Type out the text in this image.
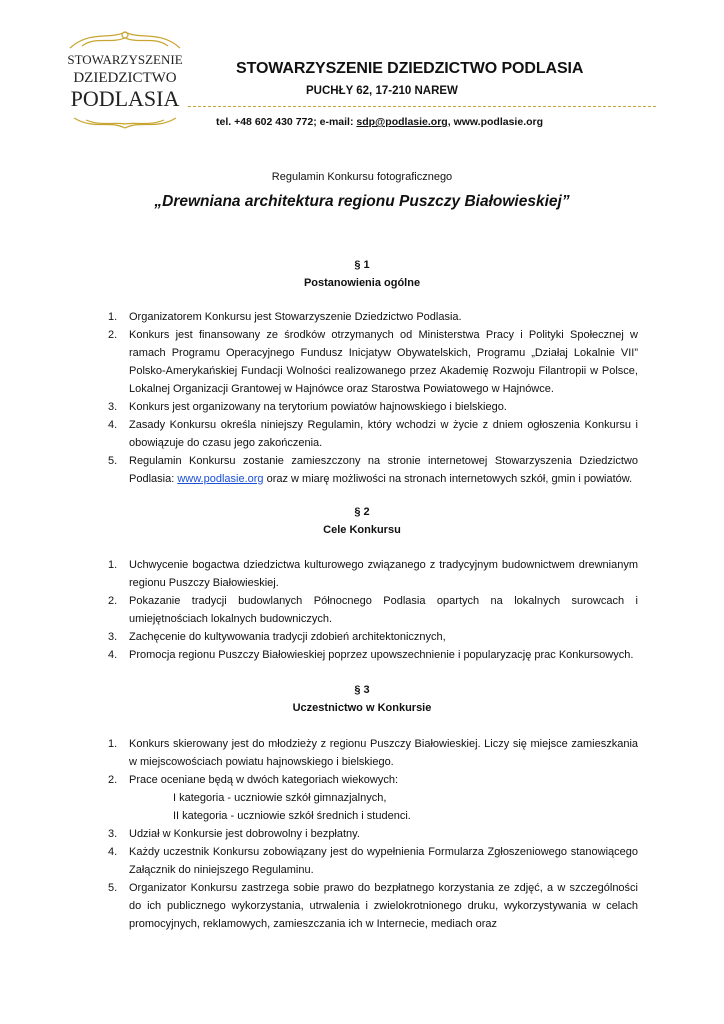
STOWARZYSZENIE
DZIEDZICTWO
PODLASIA
STOWARZYSZENIE DZIEDZICTWO PODLASIA
PUCHŁY 62, 17-210 NAREW
tel. +48 602 430 772; e-mail: sdp@podlasie.org, www.podlasie.org
Regulamin Konkursu fotograficznego
„Drewniana architektura regionu Puszczy Białowieskiej”
§ 1
Postanowienia ogólne
1. Organizatorem Konkursu jest Stowarzyszenie Dziedzictwo Podlasia.
2. Konkurs jest finansowany ze środków otrzymanych od Ministerstwa Pracy i Polityki Społecznej w ramach Programu Operacyjnego Fundusz Inicjatyw Obywatelskich, Programu „Działaj Lokalnie VII” Polsko-Amerykańskiej Fundacji Wolności realizowanego przez Akademię Rozwoju Filantropii w Polsce, Lokalnej Organizacji Grantowej w Hajnówce oraz Starostwa Powiatowego w Hajnówce.
3. Konkurs jest organizowany na terytorium powiatów hajnowskiego i bielskiego.
4. Zasady Konkursu określa niniejszy Regulamin, który wchodzi w życie z dniem ogłoszenia Konkursu i obowiązuje do czasu jego zakończenia.
5. Regulamin Konkursu zostanie zamieszczony na stronie internetowej Stowarzyszenia Dziedzictwo Podlasia: www.podlasie.org oraz w miarę możliwości na stronach internetowych szkół, gmin i powiatów.
§ 2
Cele Konkursu
1. Uchwycenie bogactwa dziedzictwa kulturowego związanego z tradycyjnym budownictwem drewnianym regionu Puszczy Białowieskiej.
2. Pokazanie tradycji budowlanych Północnego Podlasia opartych na lokalnych surowcach i umiejętnościach lokalnych budowniczych.
3. Zachęcenie do kultywowania tradycji zdobień architektonicznych,
4. Promocja regionu Puszczy Białowieskiej poprzez upowszechnienie i popularyzację prac Konkursowych.
§ 3
Uczestnictwo w Konkursie
1. Konkurs skierowany jest do młodzieży z regionu Puszczy Białowieskiej. Liczy się miejsce zamieszkania w miejscowościach powiatu hajnowskiego i bielskiego.
2. Prace oceniane będą w dwóch kategoriach wiekowych:
I kategoria - uczniowie szkół gimnazjalnych,
II kategoria - uczniowie szkół średnich i studenci.
3. Udział w Konkursie jest dobrowolny i bezpłatny.
4. Każdy uczestnik Konkursu zobowiązany jest do wypełnienia Formularza Zgłoszeniowego stanowiącego Załącznik do niniejszego Regulaminu.
5. Organizator Konkursu zastrzega sobie prawo do bezpłatnego korzystania ze zdjęć, a w szczególności do ich publicznego wykorzystania, utrwalenia i zwielokrotnionego druku, wykorzystywania w celach promocyjnych, reklamowych, zamieszczania ich w Internecie, mediach oraz
